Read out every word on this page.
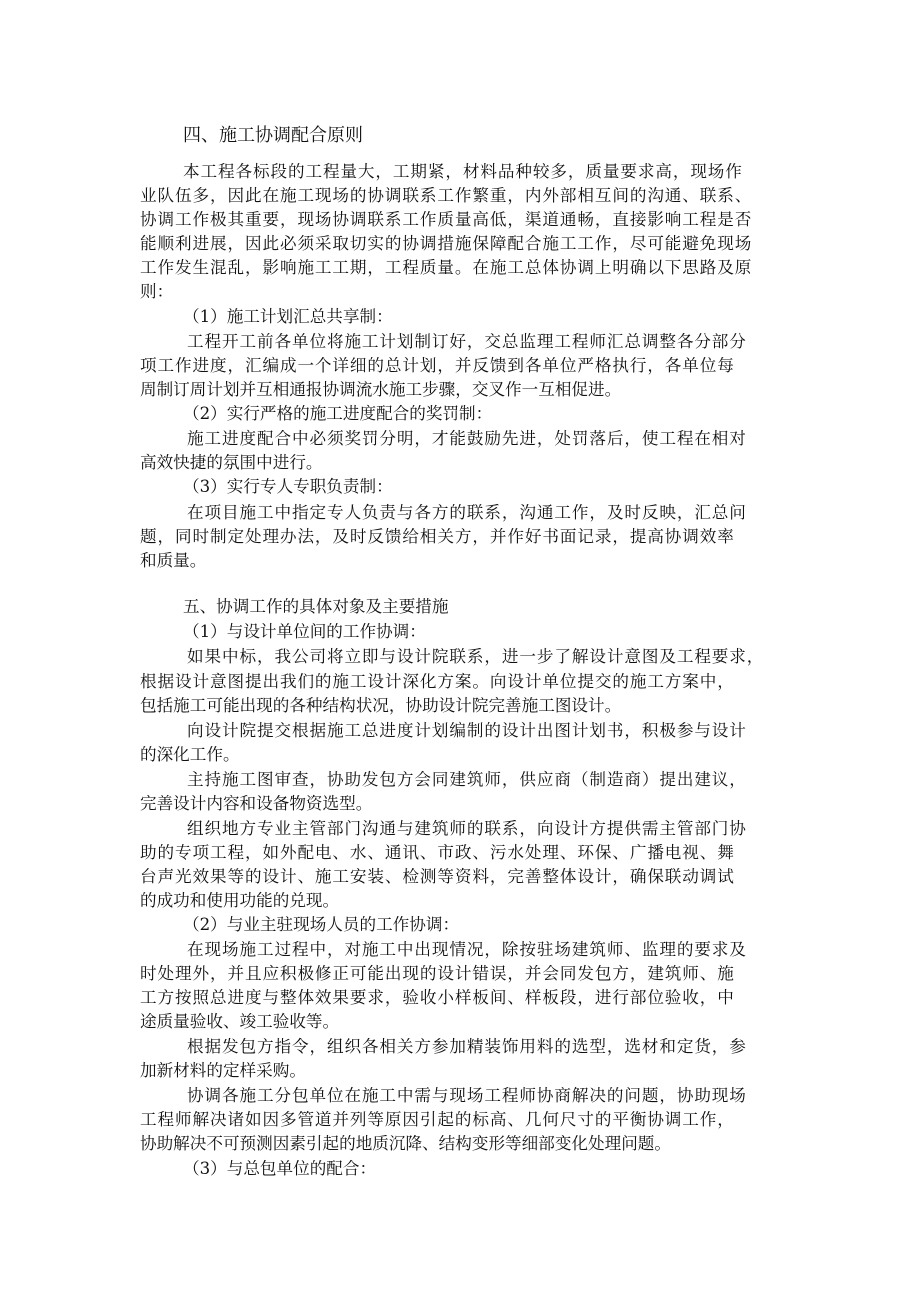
四、施工协调配合原则
本工程各标段的工程量大，工期紧，材料品种较多，质量要求高，现场作
业队伍多，因此在施工现场的协调联系工作繁重，内外部相互间的沟通、联系、
协调工作极其重要，现场协调联系工作质量高低，渠道通畅，直接影响工程是否
能顺利进展，因此必须采取切实的协调措施保障配合施工工作，尽可能避免现场
工作发生混乱，影响施工工期，工程质量。在施工总体协调上明确以下思路及原
则：
（1）施工计划汇总共享制：
工程开工前各单位将施工计划制订好，交总监理工程师汇总调整各分部分
项工作进度，汇编成一个详细的总计划，并反馈到各单位严格执行，各单位每
周制订周计划并互相通报协调流水施工步骤，交叉作一互相促进。
（2）实行严格的施工进度配合的奖罚制：
施工进度配合中必须奖罚分明，才能鼓励先进，处罚落后，使工程在相对
高效快捷的氛围中进行。
（3）实行专人专职负责制：
在项目施工中指定专人负责与各方的联系，沟通工作，及时反映，汇总问
题，同时制定处理办法，及时反馈给相关方，并作好书面记录，提高协调效率
和质量。
五、协调工作的具体对象及主要措施
（1）与设计单位间的工作协调：
如果中标，我公司将立即与设计院联系，进一步了解设计意图及工程要求，
根据设计意图提出我们的施工设计深化方案。向设计单位提交的施工方案中，
包括施工可能出现的各种结构状况，协助设计院完善施工图设计。
向设计院提交根据施工总进度计划编制的设计出图计划书，积极参与设计
的深化工作。
主持施工图审查，协助发包方会同建筑师，供应商（制造商）提出建议，
完善设计内容和设备物资选型。
组织地方专业主管部门沟通与建筑师的联系，向设计方提供需主管部门协
助的专项工程，如外配电、水、通讯、市政、污水处理、环保、广播电视、舞
台声光效果等的设计、施工安装、检测等资料，完善整体设计，确保联动调试
的成功和使用功能的兑现。
（2）与业主驻现场人员的工作协调：
在现场施工过程中，对施工中出现情况，除按驻场建筑师、监理的要求及
时处理外，并且应积极修正可能出现的设计错误，并会同发包方，建筑师、施
工方按照总进度与整体效果要求，验收小样板间、样板段，进行部位验收，中
途质量验收、竣工验收等。
根据发包方指令，组织各相关方参加精装饰用料的选型，选材和定货，参
加新材料的定样采购。
协调各施工分包单位在施工中需与现场工程师协商解决的问题，协助现场
工程师解决诸如因多管道并列等原因引起的标高、几何尺寸的平衡协调工作，
协助解决不可预测因素引起的地质沉降、结构变形等细部变化处理问题。
（3）与总包单位的配合：
